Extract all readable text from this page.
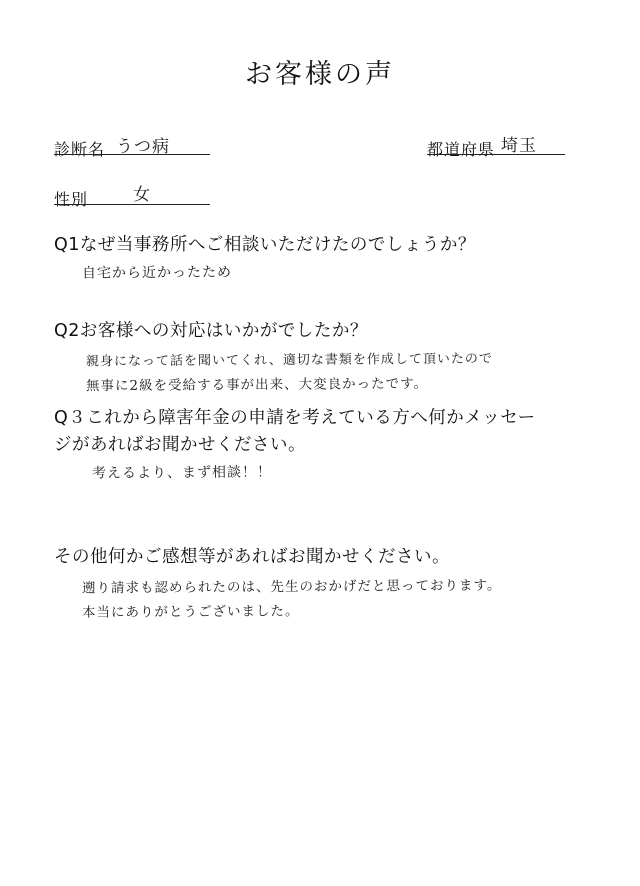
お客様の声
診断名 うつ病	都道府県 埼玉
性別	女
Q1なぜ当事務所へご相談いただけたのでしょうか？
自宅から近かったため
Q2お客様への対応はいかがでしたか？
親身になって話を聞いてくれ、適切な書類を作成して頂いたので
無事に2級を受給する事が出来、大変良かったです。
Q３これから障害年金の申請を考えている方へ何かメッセー
ジがあればお聞かせください。
考えるより、まず相談！！
その他何かご感想等があればお聞かせください。
遡り請求も認められたのは、先生のおかげだと思っております。
本当にありがとうございました。
